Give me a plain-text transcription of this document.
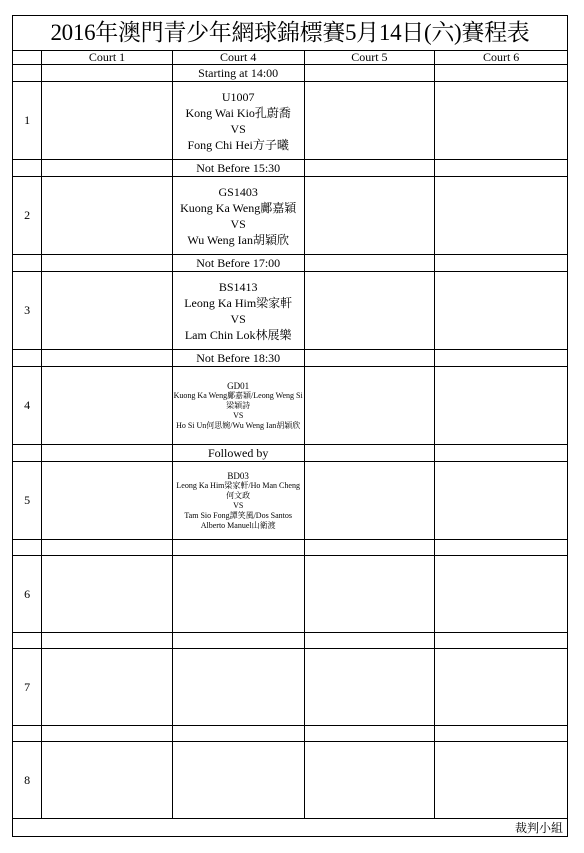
2016年澳門青少年網球錦標賽5月14日(六)賽程表				
	Court 1	Court 4	Court 5	Court 6
		Starting at 14:00		
1		U1007
Kong Wai Kio孔蔚喬
VS
Fong Chi Hei方子曦		

		Not Before 15:30		
2		GS1403
Kuong Ka Weng鄺嘉穎
VS
Wu Weng Ian胡穎欣		

		Not Before 17:00		
3		BS1413
Leong Ka Him梁家軒
VS
Lam Chin Lok林展樂		

		Not Before 18:30		
4		GD01
Kuong Ka Weng鄺嘉穎/Leong Weng Si梁穎詩
VS
Ho Si Un何思婉/Wu Weng Ian胡穎欣		

		Followed by		
5		BD03
Leong Ka Him梁家軒/Ho Man Cheng何文政
VS
Tam Sio Fong譚笑風/Dos Santos Alberto Manuel山衛渡		

6				

7				

8				
裁判小組				
